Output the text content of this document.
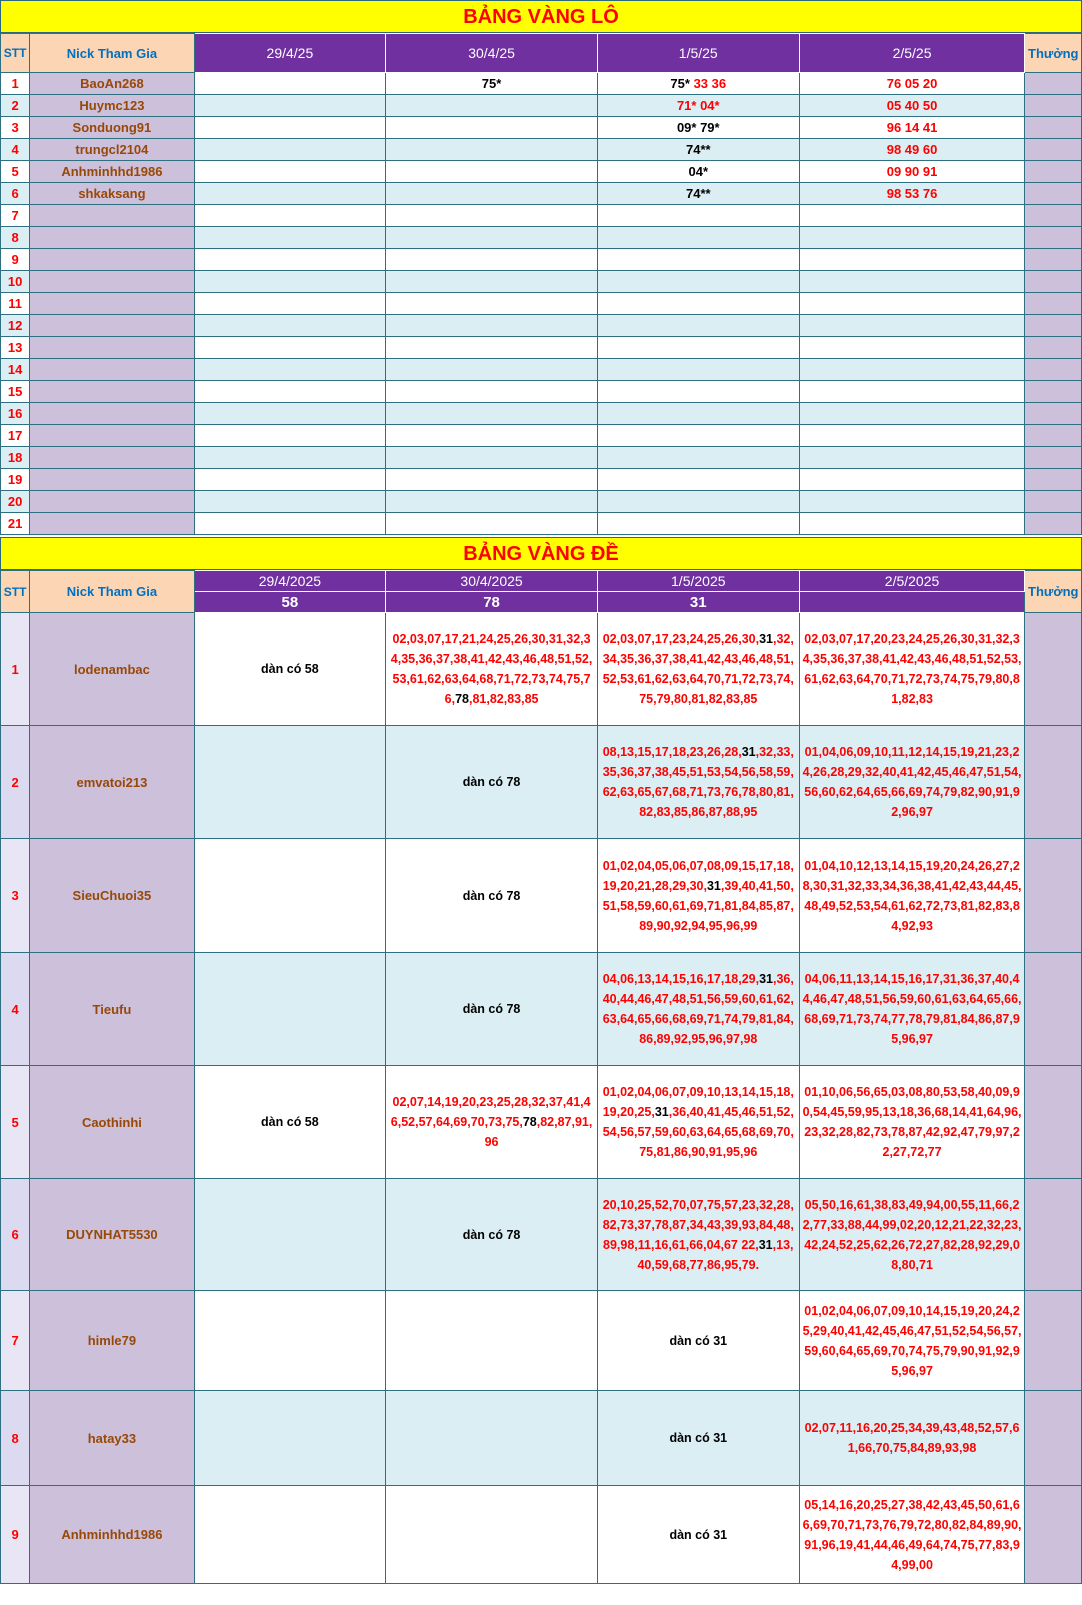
BẢNG VÀNG LÔ
STT	Nick Tham Gia	29/4/25	30/4/25	1/5/25	2/5/25	Thưởng
1	BaoAn268		75*	75* 33 36	76 05 20	
2	Huymc123			71* 04*	05 40 50	
3	Sonduong91			09* 79*	96 14 41	
4	trungcl2104			74**	98 49 60	
5	Anhminhhd1986			04*	09 90 91	
6	shkaksang			74**	98 53 76	
7						
8						
9						
10						
11						
12						
13						
14						
15						
16						
17						
18						
19						
20						
21						
BẢNG VÀNG ĐỀ
STT	Nick Tham Gia	29/4/2025	30/4/2025	1/5/2025	2/5/2025	Thưởng
		58	78	31		
1	lodenambac	dàn có 58	02,03,07,17,21,24,25,26,30,31,32,34,35,36,37,38,41,42,43,46,48,51,52,53,61,62,63,64,68,71,72,73,74,75,76,78,81,82,83,85	02,03,07,17,23,24,25,26,30,31,32,34,35,36,37,38,41,42,43,46,48,51,52,53,61,62,63,64,70,71,72,73,74,75,79,80,81,82,83,85	02,03,07,17,20,23,24,25,26,30,31,32,34,35,36,37,38,41,42,43,46,48,51,52,53,61,62,63,64,70,71,72,73,74,75,79,80,81,82,83	
2	emvatoi213		dàn có 78	08,13,15,17,18,23,26,28,31,32,33,35,36,37,38,45,51,53,54,56,58,59,62,63,65,67,68,71,73,76,78,80,81,82,83,85,86,87,88,95	01,04,06,09,10,11,12,14,15,19,21,23,24,26,28,29,32,40,41,42,45,46,47,51,54,56,60,62,64,65,66,69,74,79,82,90,91,92,96,97	
3	SieuChuoi35		dàn có 78	01,02,04,05,06,07,08,09,15,17,18,19,20,21,28,29,30,31,39,40,41,50,51,58,59,60,61,69,71,81,84,85,87,89,90,92,94,95,96,99	01,04,10,12,13,14,15,19,20,24,26,27,28,30,31,32,33,34,36,38,41,42,43,44,45,48,49,52,53,54,61,62,72,73,81,82,83,84,92,93	
4	Tieufu		dàn có 78	04,06,13,14,15,16,17,18,29,31,36,40,44,46,47,48,51,56,59,60,61,62,63,64,65,66,68,69,71,74,79,81,84,86,89,92,95,96,97,98	04,06,11,13,14,15,16,17,31,36,37,40,44,46,47,48,51,56,59,60,61,63,64,65,66,68,69,71,73,74,77,78,79,81,84,86,87,95,96,97	
5	Caothinhi	dàn có 58	02,07,14,19,20,23,25,28,32,37,41,46,52,57,64,69,70,73,75,78,82,87,91,96	01,02,04,06,07,09,10,13,14,15,18,19,20,25,31,36,40,41,45,46,51,52,54,56,57,59,60,63,64,65,68,69,70,75,81,86,90,91,95,96	01,10,06,56,65,03,08,80,53,58,40,09,90,54,45,59,95,13,18,36,68,14,41,64,96,23,32,28,82,73,78,87,42,92,47,79,97,22,27,72,77	
6	DUYNHAT5530		dàn có 78	20,10,25,52,70,07,75,57,23,32,28,82,73,37,78,87,34,43,39,93,84,48,89,98,11,16,61,66,04,67 22,31,13,40,59,68,77,86,95,79.	05,50,16,61,38,83,49,94,00,55,11,66,22,77,33,88,44,99,02,20,12,21,22,32,23,42,24,52,25,62,26,72,27,82,28,92,29,08,80,71	
7	himle79			dàn có 31	01,02,04,06,07,09,10,14,15,19,20,24,25,29,40,41,42,45,46,47,51,52,54,56,57,59,60,64,65,69,70,74,75,79,90,91,92,95,96,97	
8	hatay33			dàn có 31	02,07,11,16,20,25,34,39,43,48,52,57,61,66,70,75,84,89,93,98	
9	Anhminhhd1986			dàn có 31	05,14,16,20,25,27,38,42,43,45,50,61,66,69,70,71,73,76,79,72,80,82,84,89,90,91,96,19,41,44,46,49,64,74,75,77,83,94,99,00	
